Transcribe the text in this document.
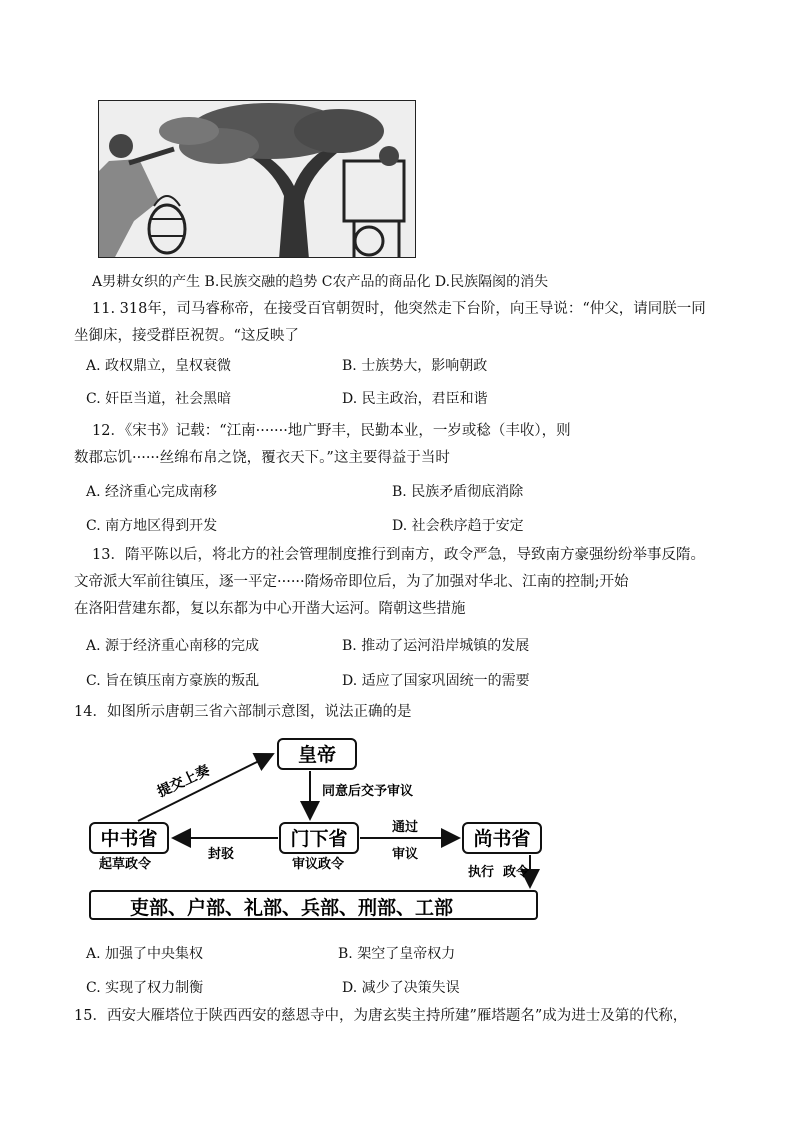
A男耕女织的产生 B.民族交融的趋势 C农产品的商品化 D.民族隔阂的消失
11. 318年，司马睿称帝，在接受百官朝贺时，他突然走下台阶，向王导说：“仲父，请同朕一同
坐御床，接受群臣祝贺。“这反映了
A. 政权鼎立，皇权衰微	B. 士族势大，影响朝政
C. 奸臣当道，社会黑暗	D. 民主政治，君臣和谐
12．《宋书》记载：“江南·······地广野丰，民勤本业，一岁或稔（丰收），则
数郡忘饥······丝绵布帛之饶，覆衣天下。”这主要得益于当时
A. 经济重心完成南移	B. 民族矛盾彻底消除
C. 南方地区得到开发	D. 社会秩序趋于安定
13．隋平陈以后，将北方的社会管理制度推行到南方，政令严急，导致南方豪强纷纷举事反隋。
文帝派大军前往镇压，逐一平定······隋炀帝即位后，为了加强对华北、江南的控制;开始
在洛阳营建东都，复以东都为中心开凿大运河。隋朝这些措施
A. 源于经济重心南移的完成	B. 推动了运河沿岸城镇的发展
C. 旨在镇压南方豪族的叛乱	D. 适应了国家巩固统一的需要
14．如图所示唐朝三省六部制示意图，说法正确的是
皇帝
中书省	门下省	尚书省
吏部、户部、礼部、兵部、刑部、工部
提交上奏	同意后交予审议
封驳
通过
审议
起草政令	审议政令
执行 政令
A. 加强了中央集权	B. 架空了皇帝权力
C. 实现了权力制衡	D. 减少了决策失误
15．西安大雁塔位于陕西西安的慈恩寺中，为唐玄奘主持所建”雁塔题名”成为进士及第的代称，
